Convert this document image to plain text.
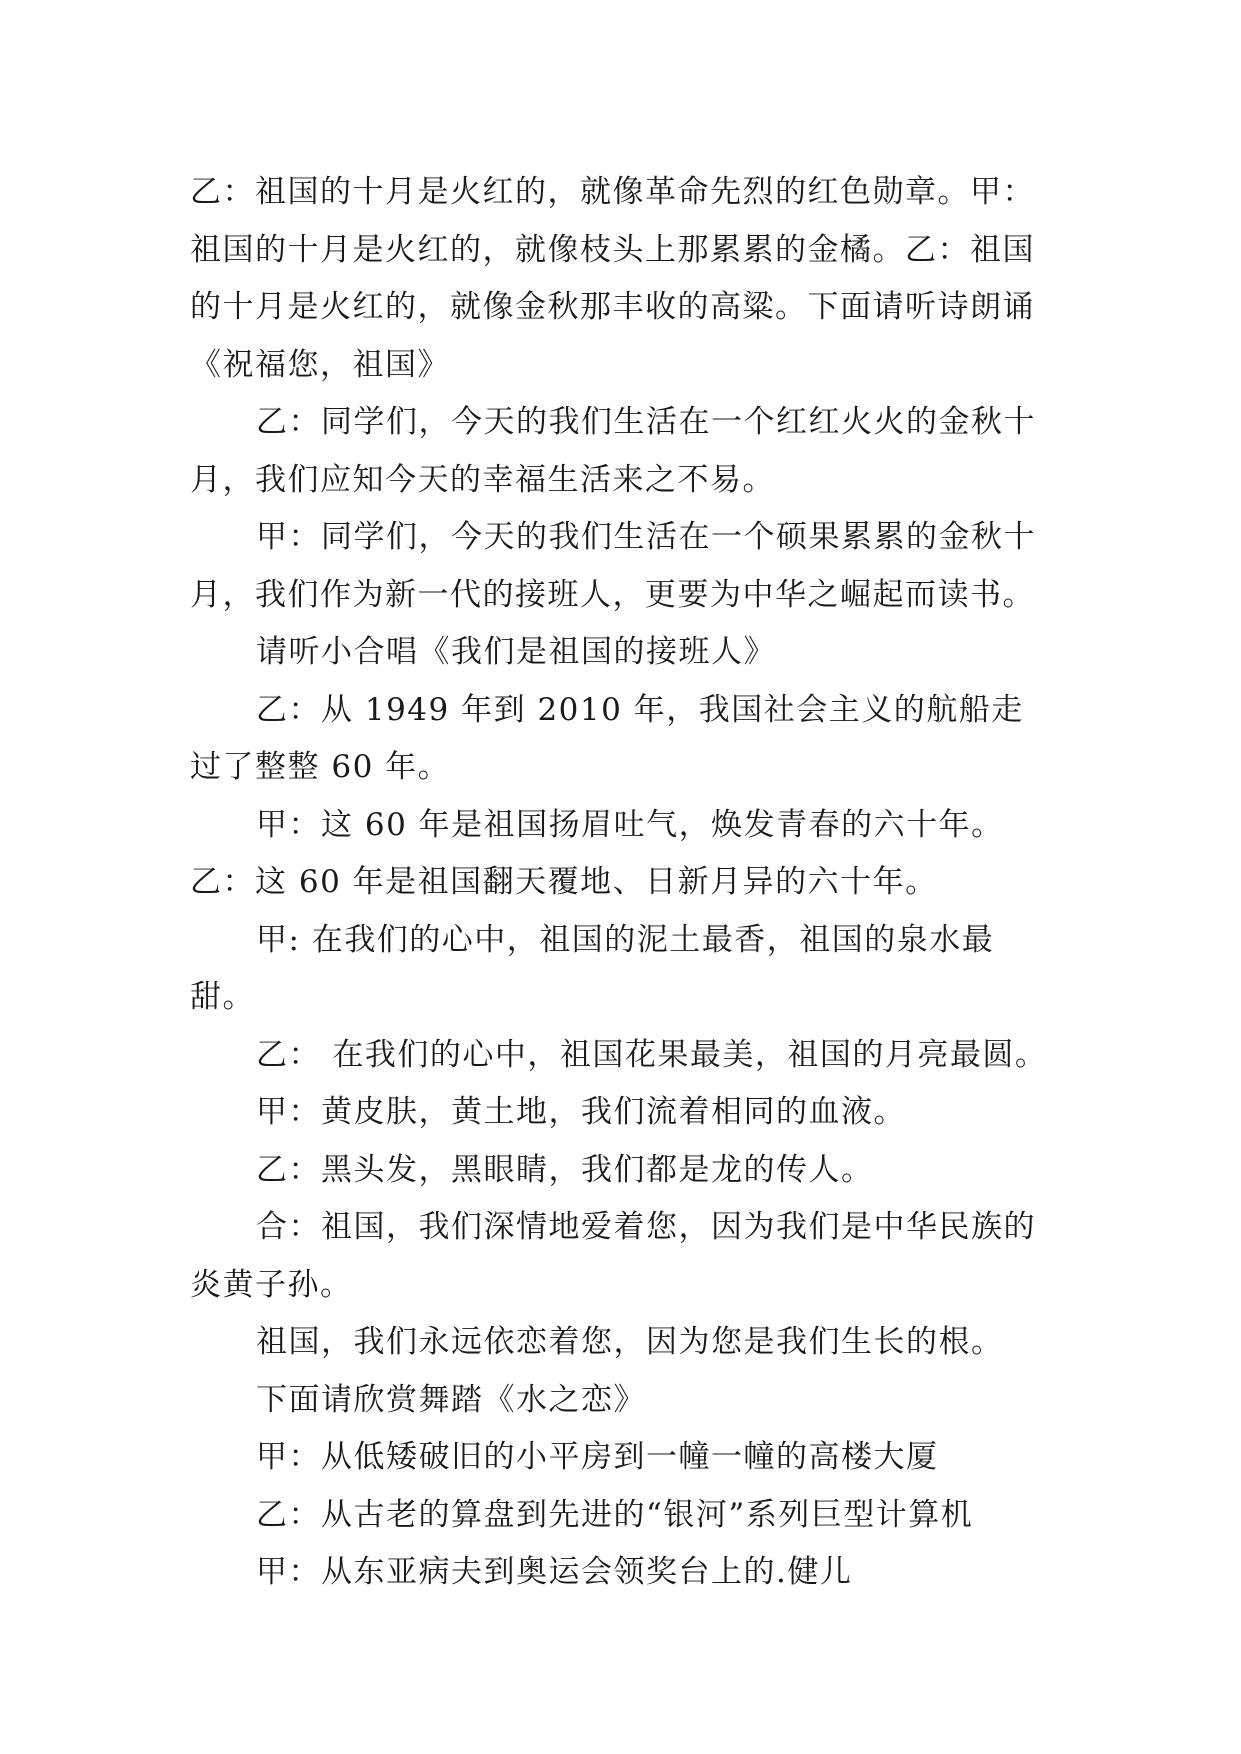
乙：祖国的十月是火红的，就像革命先烈的红色勋章。甲：祖国的十月是火红的，就像枝头上那累累的金橘。乙：祖国的十月是火红的，就像金秋那丰收的高粱。下面请听诗朗诵《祝福您，祖国》

乙：同学们，今天的我们生活在一个红红火火的金秋十月，我们应知今天的幸福生活来之不易。

甲：同学们，今天的我们生活在一个硕果累累的金秋十月，我们作为新一代的接班人，更要为中华之崛起而读书。

请听小合唱《我们是祖国的接班人》

乙：从 1949 年到 2010 年，我国社会主义的航船走过了整整 60 年。

甲：这 60 年是祖国扬眉吐气，焕发青春的六十年。乙：这 60 年是祖国翻天覆地、日新月异的六十年。

甲: 在我们的心中，祖国的泥土最香，祖国的泉水最甜。

乙： 在我们的心中，祖国花果最美，祖国的月亮最圆。

甲：黄皮肤，黄土地，我们流着相同的血液。

乙：黑头发，黑眼睛，我们都是龙的传人。

合：祖国，我们深情地爱着您，因为我们是中华民族的炎黄子孙。

祖国，我们永远依恋着您，因为您是我们生长的根。

下面请欣赏舞踏《水之恋》

甲：从低矮破旧的小平房到一幢一幢的高楼大厦

乙：从古老的算盘到先进的“银河”系列巨型计算机

甲：从东亚病夫到奥运会领奖台上的.健儿
